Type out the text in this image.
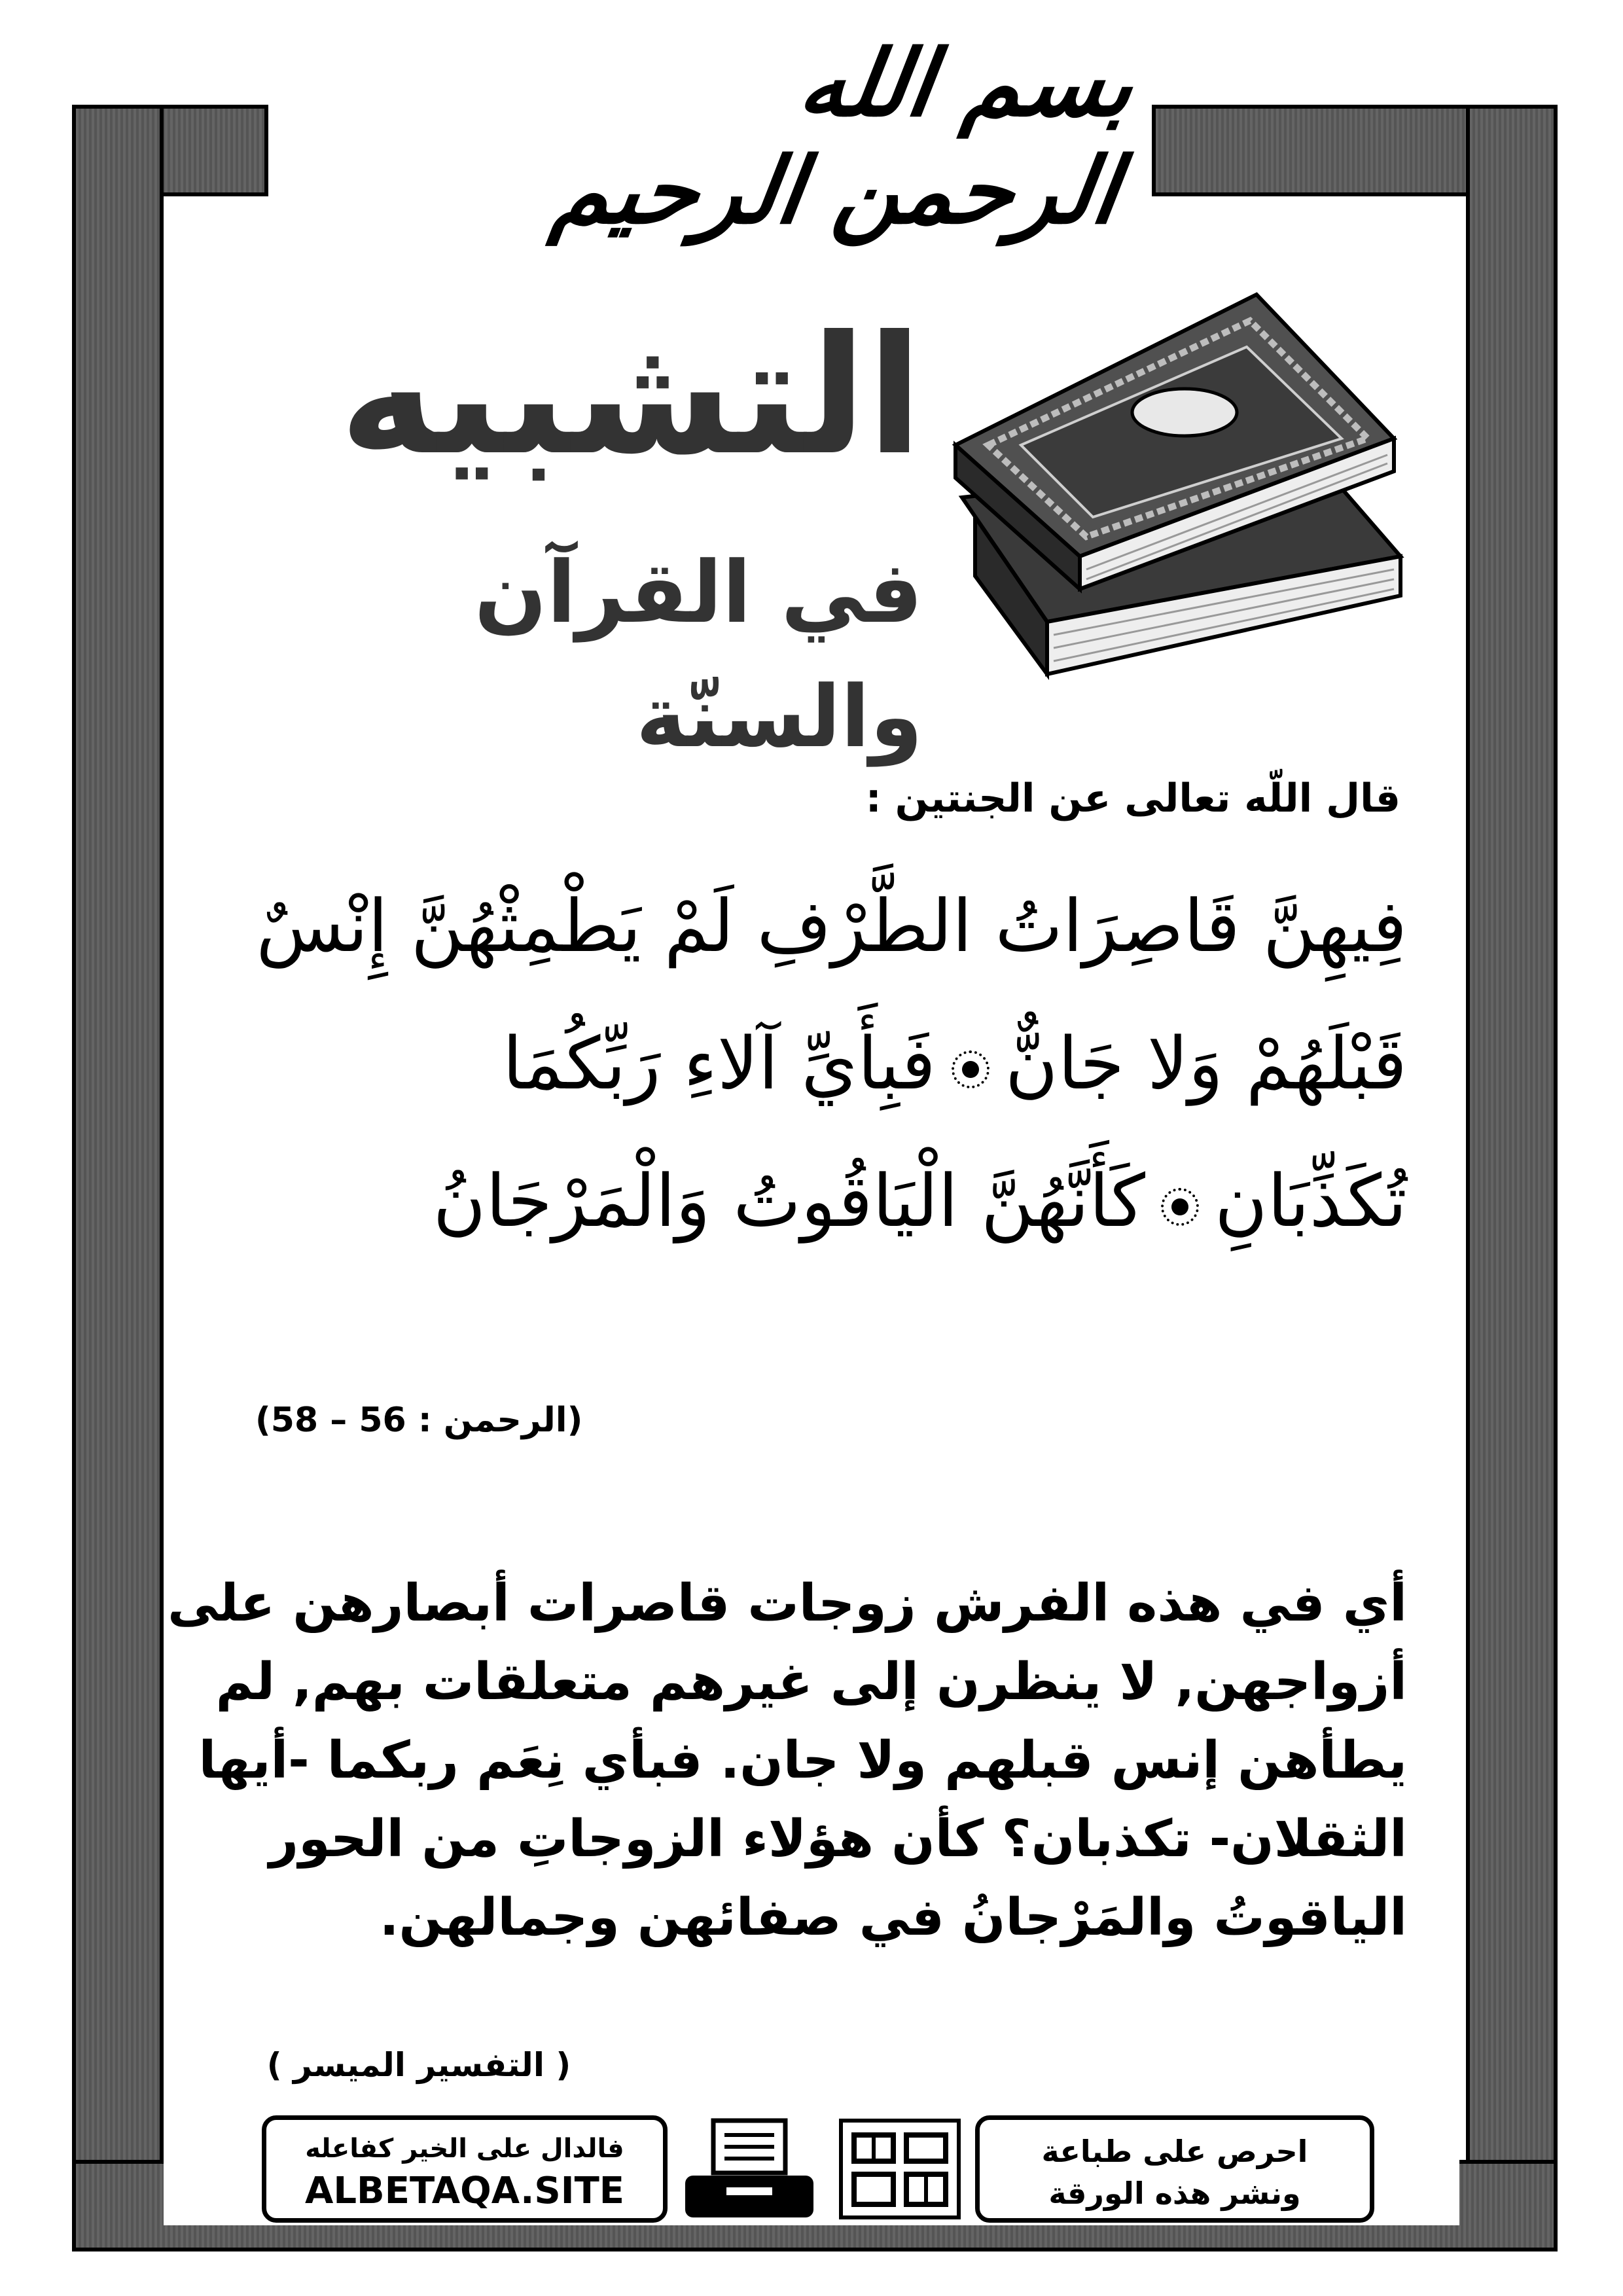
بسم الله الرحمن الرحيم
التشبيه
في القرآن والسنّة
قال اللّه تعالى عن الجنتين :
فِيهِنَّ قَاصِرَاتُ الطَّرْفِ لَمْ يَطْمِثْهُنَّ إِنْسٌ
قَبْلَهُمْ وَلا جَانٌّفَبِأَيِّ آلاءِ رَبِّكُمَا
تُكَذِّبَانِكَأَنَّهُنَّ الْيَاقُوتُ وَالْمَرْجَانُ
(الرحمن : 56 – 58)
أي في هذه الفرش زوجات قاصرات أبصارهن على
أزواجهن, لا ينظرن إلى غيرهم متعلقات بهم, لم
يطأهن إنس قبلهم ولا جان. فبأي نِعَم ربكما -أيها
الثقلان- تكذبان؟ كأن هؤلاء الزوجاتِ من الحور
الياقوتُ والمَرْجانُ في صفائهن وجمالهن.
( التفسير الميسر )
فالدال على الخير كفاعله
ALBETAQA.SITE
احرص على طباعة
ونشر هذه الورقة
